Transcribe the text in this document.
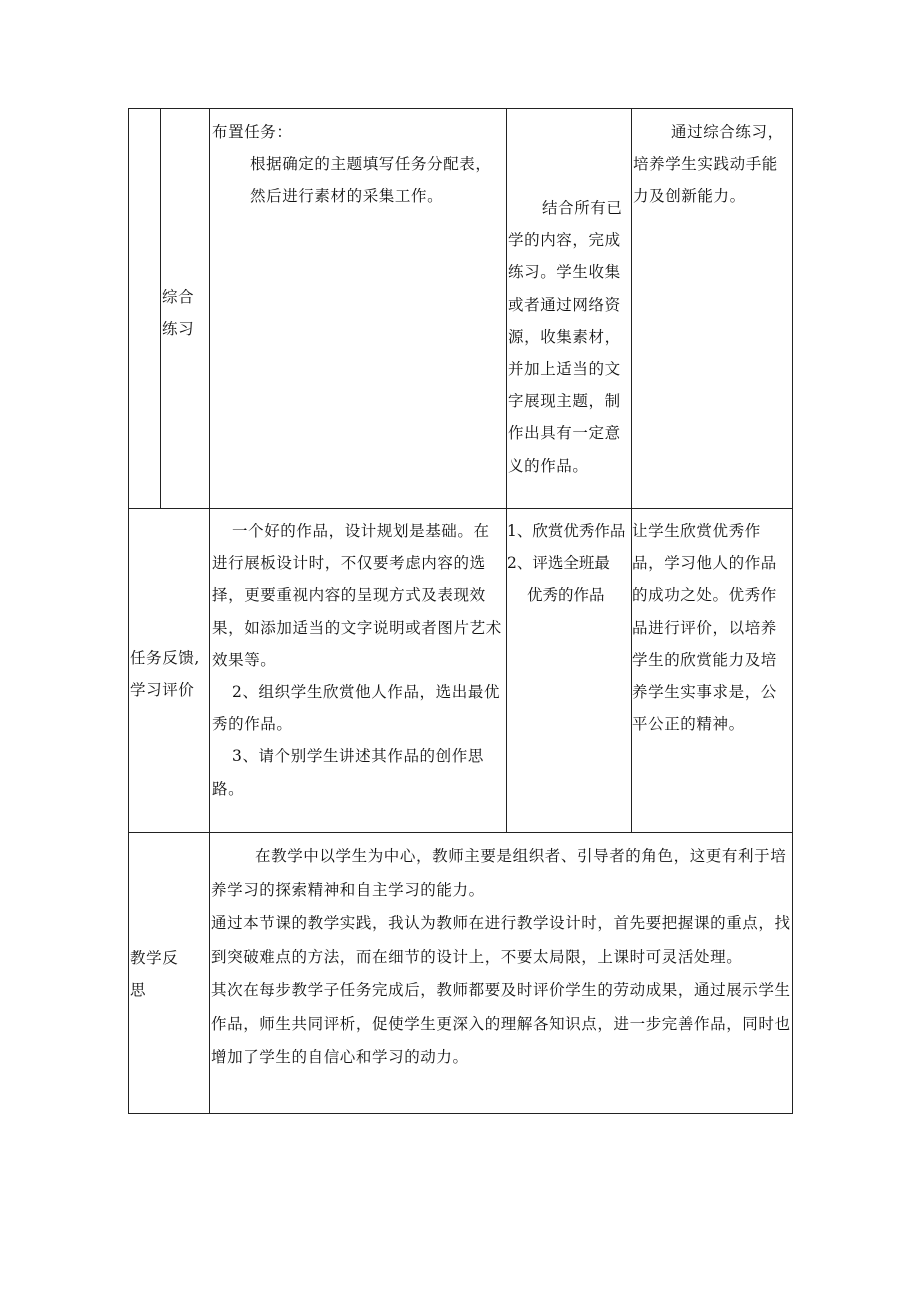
综合
练习

布置任务：

根据确定的主题填写任务分配表，然后进行素材的采集工作。

结合所有已学的内容，完成练习。学生收集或者通过网络资源，收集素材，并加上适当的文字展现主题，制作出具有一定意义的作品。

通过综合练习，培养学生实践动手能力及创新能力。

任务反馈,
学习评价

一个好的作品，设计规划是基础。在进行展板设计时，不仅要考虑内容的选择，更要重视内容的呈现方式及表现效果，如添加适当的文字说明或者图片艺术效果等。

2、组织学生欣赏他人作品，选出最优秀的作品。

3、请个别学生讲述其作品的创作思路。

1、欣赏优秀作品

2、评选全班最

优秀的作品

让学生欣赏优秀作品，学习他人的作品的成功之处。优秀作品进行评价，以培养学生的欣赏能力及培养学生实事求是，公平公正的精神。

教学反
思

在教学中以学生为中心，教师主要是组织者、引导者的角色，这更有利于培养学习的探索精神和自主学习的能力。

通过本节课的教学实践，我认为教师在进行教学设计时，首先要把握课的重点，找到突破难点的方法，而在细节的设计上，不要太局限，上课时可灵活处理。

其次在每步教学子任务完成后，教师都要及时评价学生的劳动成果，通过展示学生作品，师生共同评析，促使学生更深入的理解各知识点，进一步完善作品，同时也增加了学生的自信心和学习的动力。
